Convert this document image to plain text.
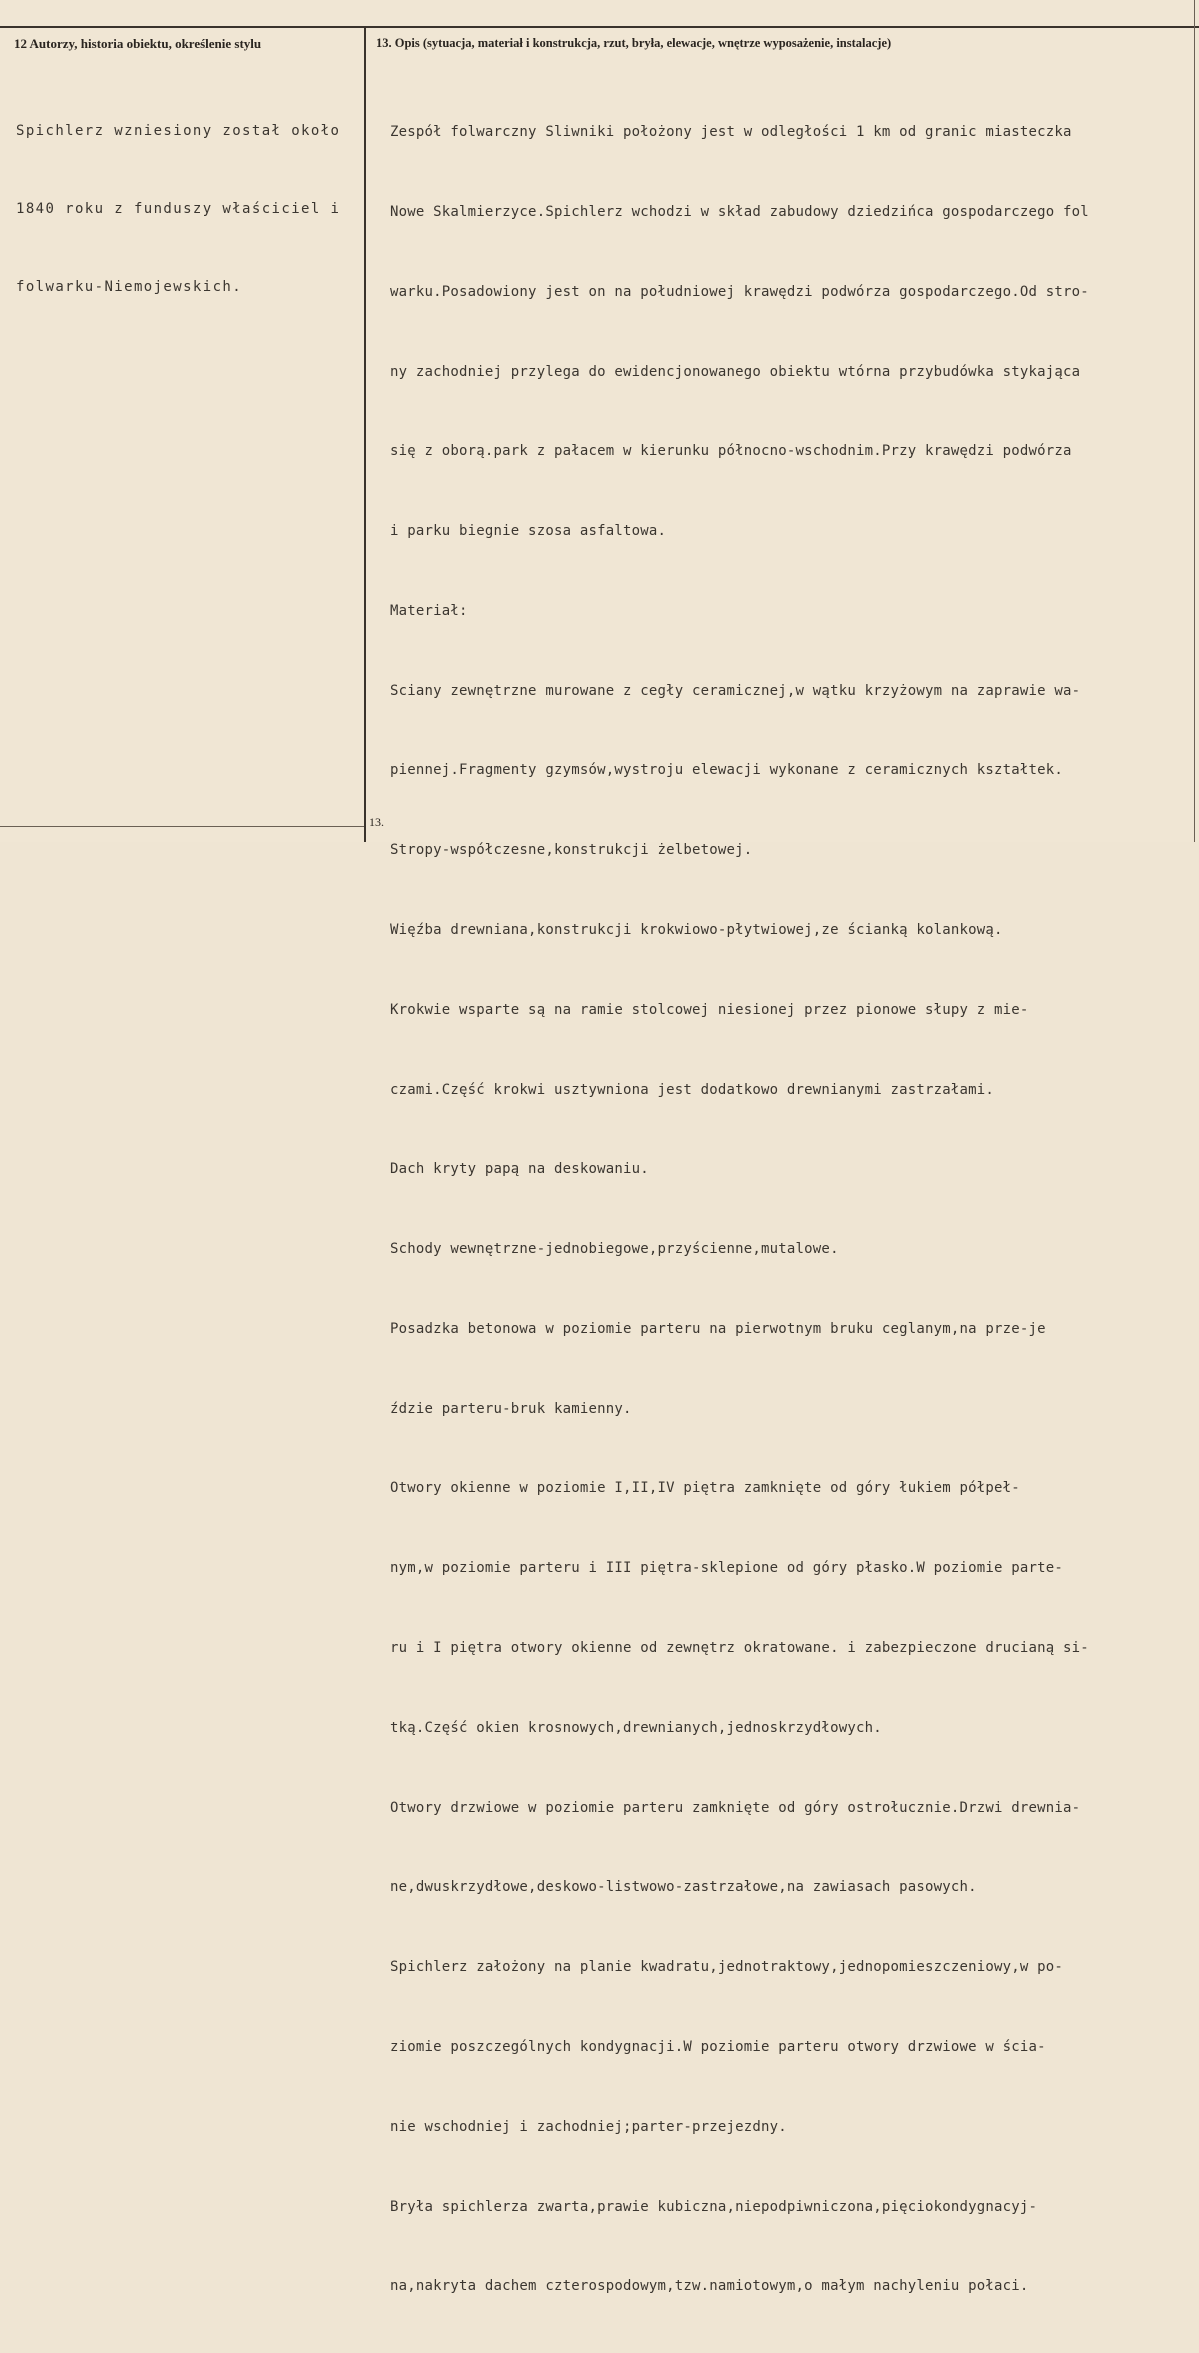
12 Autorzy, historia obiektu, określenie stylu	13. Opis (sytuacja, materiał i konstrukcja, rzut, bryła, elewacje, wnętrze wyposażenie, instalacje)

Spichlerz wzniesiony został około

1840 roku z funduszy właściciel i

folwarku-Niemojewskich.

Zespół folwarczny Sliwniki położony jest w odległości 1 km od granic miasteczka

Nowe Skalmierzyce.Spichlerz wchodzi w skład zabudowy dziedzińca gospodarczego fol

warku.Posadowiony jest on na południowej krawędzi podwórza gospodarczego.Od stro-

ny zachodniej przylega do ewidencjonowanego obiektu wtórna przybudówka stykająca

się z oborą.park z pałacem w kierunku północno-wschodnim.Przy krawędzi podwórza

i parku biegnie szosa asfaltowa.

Materiał:

Sciany zewnętrzne murowane z cegły ceramicznej,w wątku krzyżowym na zaprawie wa-

piennej.Fragmenty gzymsów,wystroju elewacji wykonane z ceramicznych kształtek.

Stropy-współczesne,konstrukcji żelbetowej.

Więźba drewniana,konstrukcji krokwiowo-płytwiowej,ze ścianką kolankową.

Krokwie wsparte są na ramie stolcowej niesionej przez pionowe słupy z mie-

czami.Część krokwi usztywniona jest dodatkowo drewnianymi zastrzałami.

Dach kryty papą na deskowaniu.

Schody wewnętrzne-jednobiegowe,przyścienne,mutalowe.

Posadzka betonowa w poziomie parteru na pierwotnym bruku ceglanym,na prze-je

ździe parteru-bruk kamienny.

Otwory okienne w poziomie I,II,IV piętra zamknięte od góry łukiem półpeł-

nym,w poziomie parteru i III piętra-sklepione od góry płasko.W poziomie parte-

ru i I piętra otwory okienne od zewnętrz okratowane. i zabezpieczone drucianą si-

tką.Część okien krosnowych,drewnianych,jednoskrzydłowych.

Otwory drzwiowe w poziomie parteru zamknięte od góry ostrołucznie.Drzwi drewnia-

ne,dwuskrzydłowe,deskowo-listwowo-zastrzałowe,na zawiasach pasowych.

Spichlerz założony na planie kwadratu,jednotraktowy,jednopomieszczeniowy,w po-

ziomie poszczególnych kondygnacji.W poziomie parteru otwory drzwiowe w ścia-

nie wschodniej i zachodniej;parter-przejezdny.

Bryła spichlerza zwarta,prawie kubiczna,niepodpiwniczona,pięciokondygnacyj-

na,nakryta dachem czterospodowym,tzw.namiotowym,o małym nachyleniu połaci.

13.
